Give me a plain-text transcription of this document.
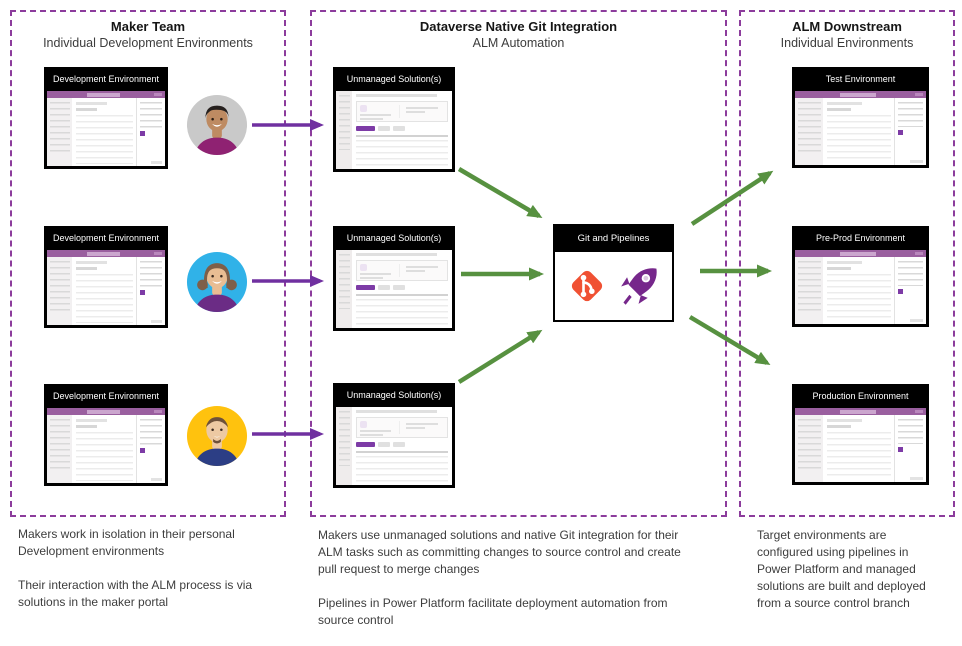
Maker Team
Individual Development Environments
Dataverse Native Git Integration
ALM Automation
ALM Downstream
Individual Environments
Development Environment
Development Environment
Development Environment
Unmanaged Solution(s)
Unmanaged Solution(s)
Unmanaged Solution(s)
Git and Pipelines
Test Environment
Pre-Prod Environment
Production Environment

Makers work in isolation in their personal Development environments

Their interaction with the ALM process is via solutions in the maker portal

Makers use unmanaged solutions and native Git integration for their ALM tasks such as committing changes to source control and create pull request to merge changes

Pipelines in Power Platform facilitate deployment automation from source control

Target environments are configured using pipelines in Power Platform and managed solutions are built and deployed from a source control branch
